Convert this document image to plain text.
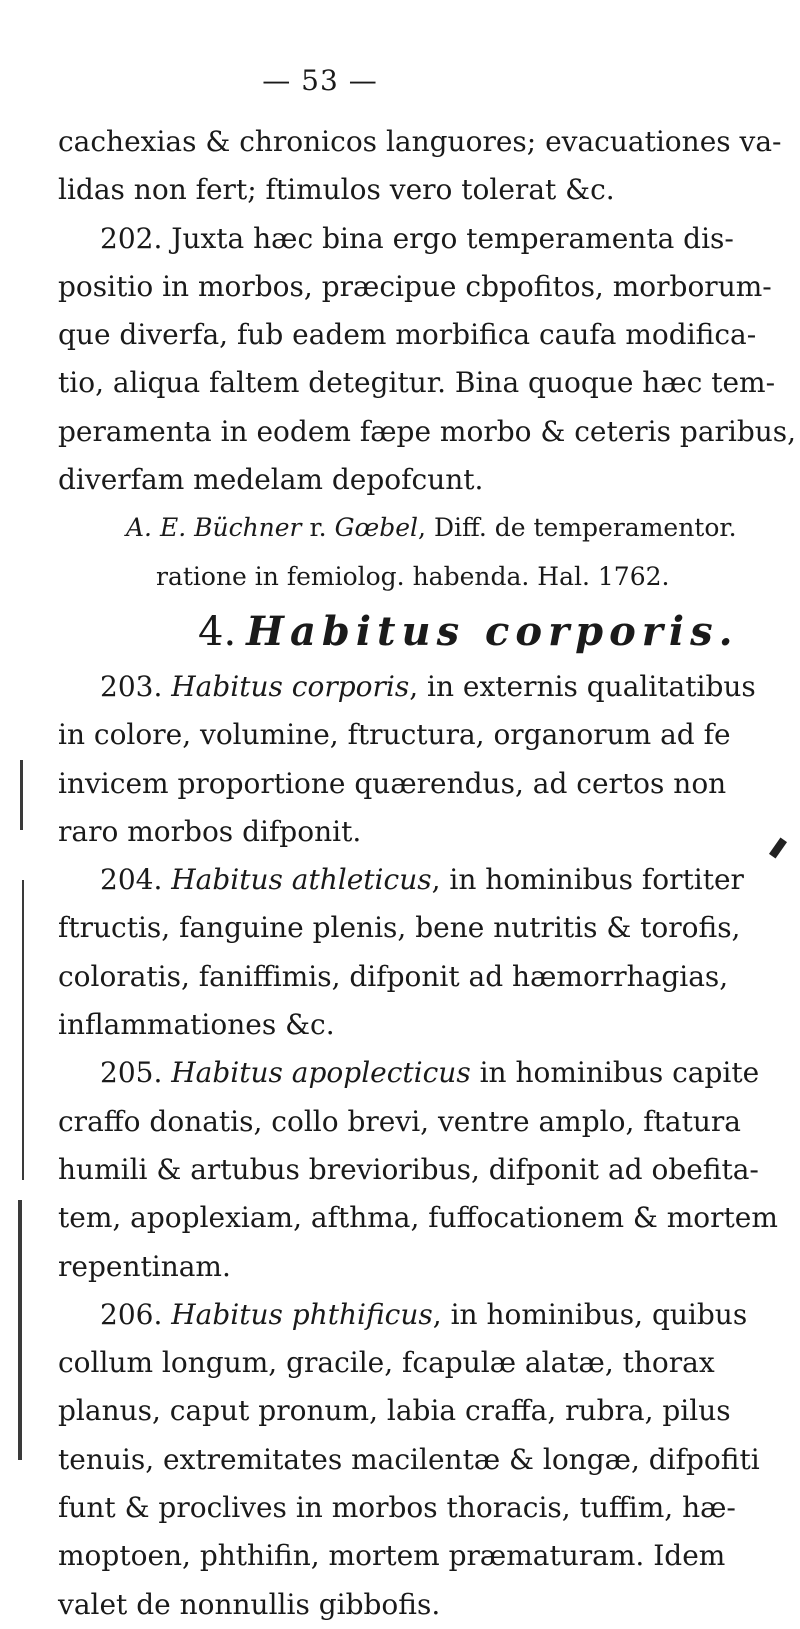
— 53 —
cachexias & chronicos languores; evacuationes va-
lidas non fert; ftimulos vero tolerat &c.
202. Juxta hæc bina ergo temperamenta dis-
positio in morbos, præcipue cbpofitos, morborum-
que diverfa, fub eadem morbifica caufa modifica-
tio, aliqua faltem detegitur. Bina quoque hæc tem-
peramenta in eodem fæpe morbo & ceteris paribus,
diverfam medelam depofcunt.
A. E. Büchner r. Gœbel, Diff. de temperamentor.
ratione in femiolog. habenda. Hal. 1762.
4. Habitus corporis.
203. Habitus corporis, in externis qualitatibus
in colore, volumine, ftructura, organorum ad fe
invicem proportione quærendus, ad certos non
raro morbos difponit.
204. Habitus athleticus, in hominibus fortiter
ftructis, fanguine plenis, bene nutritis & torofis,
coloratis, faniffimis, difponit ad hæmorrhagias,
inflammationes &c.
205. Habitus apoplecticus in hominibus capite
craffo donatis, collo brevi, ventre amplo, ftatura
humili & artubus brevioribus, difponit ad obefita-
tem, apoplexiam, afthma, fuffocationem & mortem
repentinam.
206. Habitus phthificus, in hominibus, quibus
collum longum, gracile, fcapulæ alatæ, thorax
planus, caput pronum, labia craffa, rubra, pilus
tenuis, extremitates macilentæ & longæ, difpofiti
funt & proclives in morbos thoracis, tuffim, hæ-
moptoen, phthifin, mortem præmaturam. Idem
valet de nonnullis gibbofis.
